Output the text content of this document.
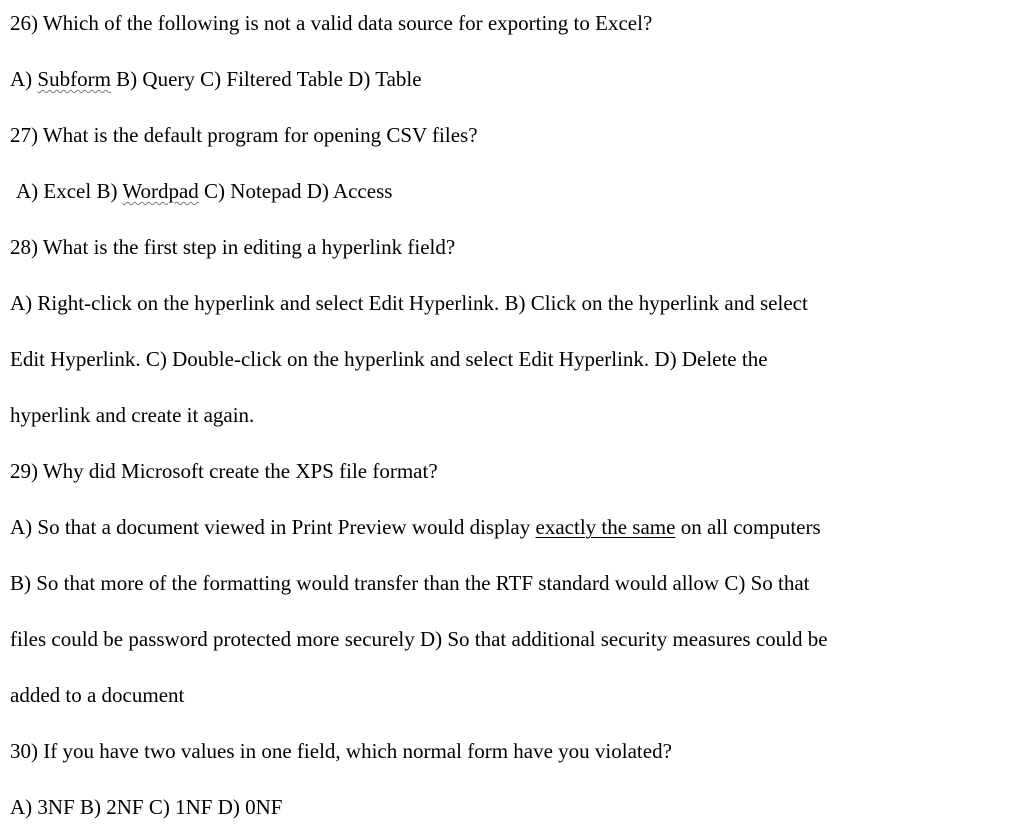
26) Which of the following is not a valid data source for exporting to Excel?
A) Subform B) Query C) Filtered Table D) Table
27) What is the default program for opening CSV files?
A) Excel B) Wordpad C) Notepad D) Access
28) What is the first step in editing a hyperlink field?
A) Right-click on the hyperlink and select Edit Hyperlink. B) Click on the hyperlink and select
Edit Hyperlink. C) Double-click on the hyperlink and select Edit Hyperlink. D) Delete the
hyperlink and create it again.
29) Why did Microsoft create the XPS file format?
A) So that a document viewed in Print Preview would display exactly the same on all computers
B) So that more of the formatting would transfer than the RTF standard would allow C) So that
files could be password protected more securely D) So that additional security measures could be
added to a document
30) If you have two values in one field, which normal form have you violated?
A) 3NF B) 2NF C) 1NF D) 0NF
